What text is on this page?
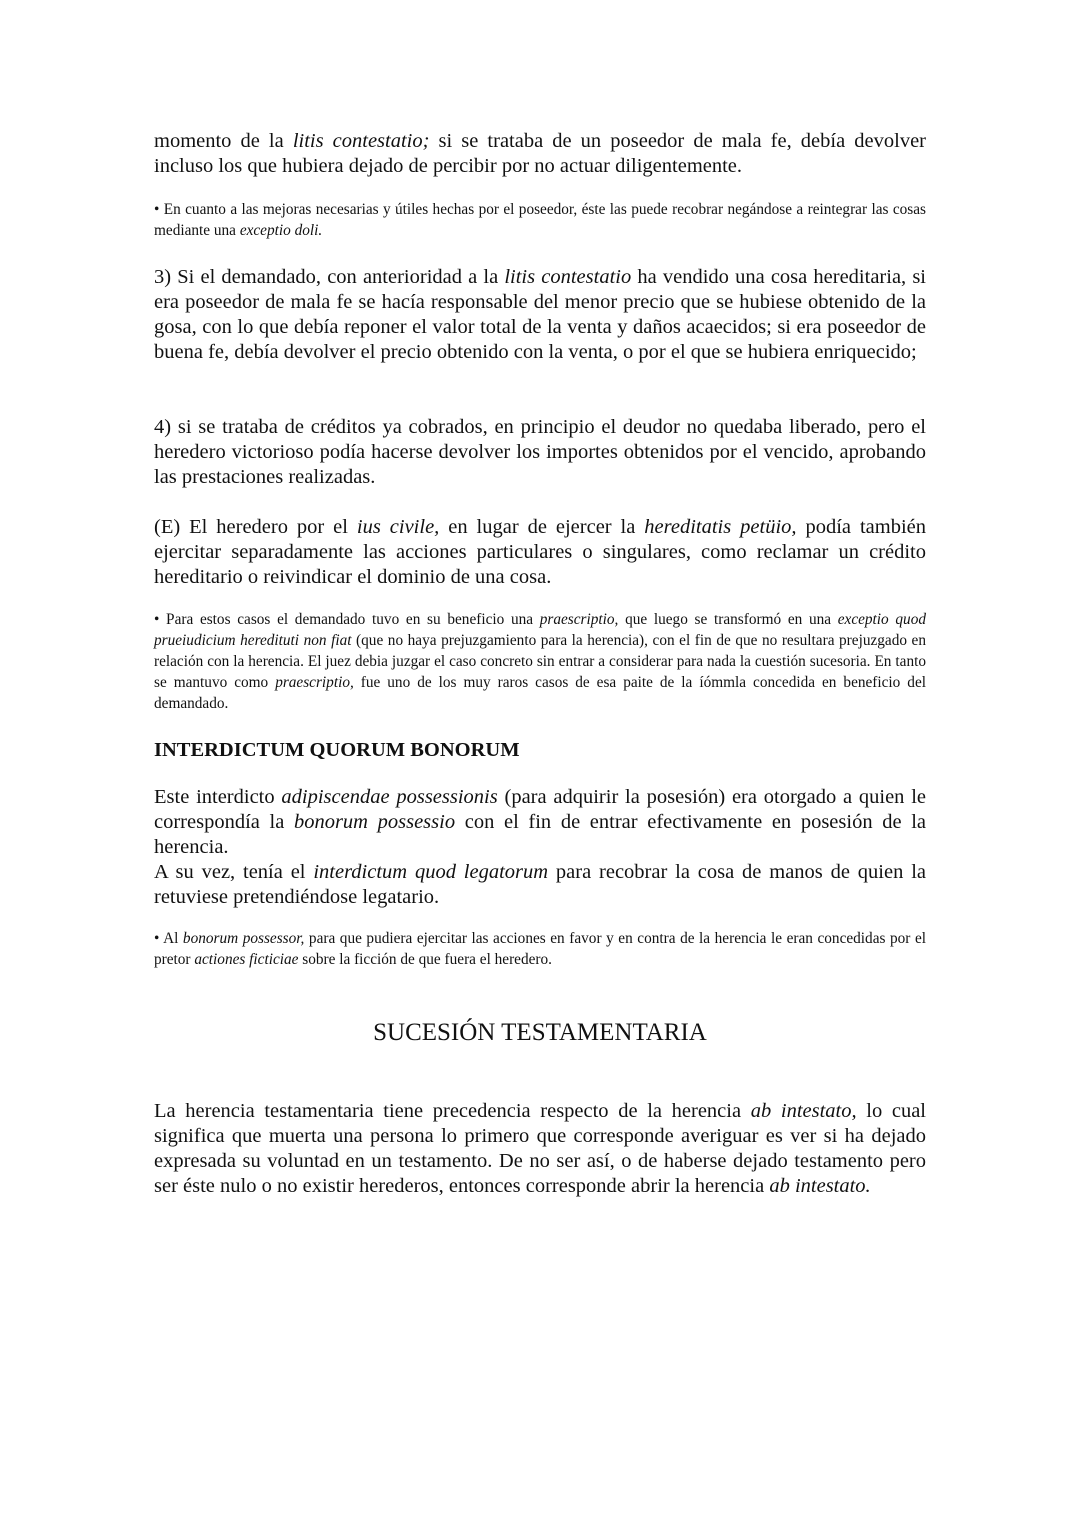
momento de la litis contestatio; si se trataba de un poseedor de mala fe, debía devolver incluso los que hubiera dejado de percibir por no actuar diligentemente.
• En cuanto a las mejoras necesarias y útiles hechas por el poseedor, éste las puede recobrar negándose a reintegrar las cosas mediante una exceptio doli.
3) Si el demandado, con anterioridad a la litis contestatio ha vendido una cosa hereditaria, si era poseedor de mala fe se hacía responsable del menor precio que se hubiese obtenido de la gosa, con lo que debía reponer el valor total de la venta y daños acaecidos; si era poseedor de buena fe, debía devolver el precio obtenido con la venta, o por el que se hubiera enriquecido;
4) si se trataba de créditos ya cobrados, en principio el deudor no quedaba liberado, pero el heredero victorioso podía hacerse devolver los importes obtenidos por el vencido, aprobando las prestaciones realizadas.
(E) El heredero por el ius civile, en lugar de ejercer la hereditatis petüio, podía también ejercitar separadamente las acciones particulares o singulares, como reclamar un crédito hereditario o reivindicar el dominio de una cosa.
• Para estos casos el demandado tuvo en su beneficio una praescriptio, que luego se transformó en una exceptio quod prueiudicium heredituti non fiat (que no haya prejuzgamiento para la herencia), con el fin de que no resultara prejuzgado en relación con la herencia. El juez debia juzgar el caso concreto sin entrar a considerar para nada la cuestión sucesoria. En tanto se mantuvo como praescriptio, fue uno de los muy raros casos de esa paite de la íómmla concedida en beneficio del demandado.
INTERDICTUM QUORUM BONORUM
Este interdicto adipiscendae possessionis (para adquirir la posesión) era otorgado a quien le correspondía la bonorum possessio con el fin de entrar efectivamente en posesión de la herencia.
A su vez, tenía el interdictum quod legatorum para recobrar la cosa de manos de quien la retuviese pretendiéndose legatario.
• Al bonorum possessor, para que pudiera ejercitar las acciones en favor y en contra de la herencia le eran concedidas por el pretor actiones ficticiae sobre la ficción de que fuera el heredero.
SUCESIÓN TESTAMENTARIA
La herencia testamentaria tiene precedencia respecto de la herencia ab intestato, lo cual significa que muerta una persona lo primero que corresponde averiguar es ver si ha dejado expresada su voluntad en un testamento. De no ser así, o de haberse dejado testamento pero ser éste nulo o no existir herederos, entonces corresponde abrir la herencia ab intestato.
